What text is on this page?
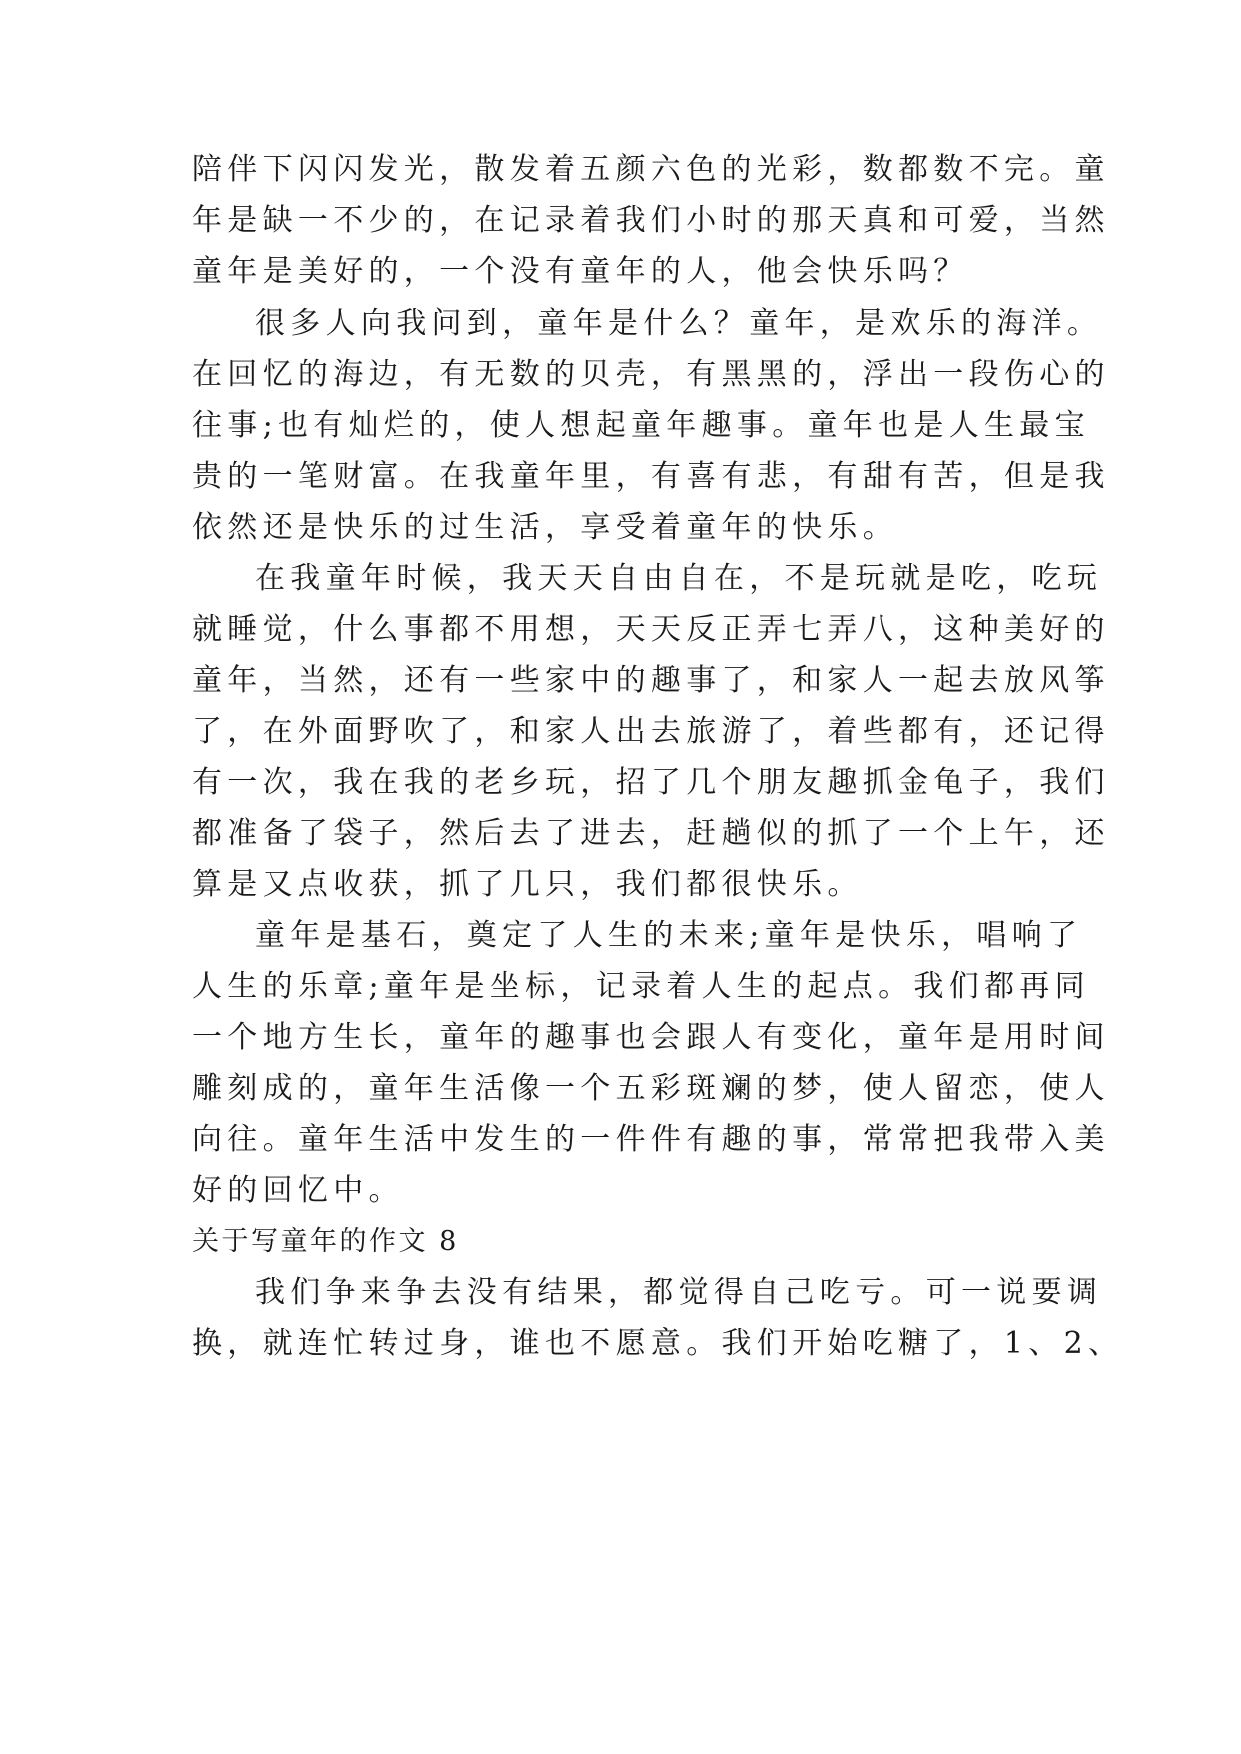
陪伴下闪闪发光，散发着五颜六色的光彩，数都数不完。童
年是缺一不少的，在记录着我们小时的那天真和可爱，当然
童年是美好的，一个没有童年的人，他会快乐吗？
很多人向我问到，童年是什么？童年，是欢乐的海洋。
在回忆的海边，有无数的贝壳，有黑黑的，浮出一段伤心的
往事;也有灿烂的，使人想起童年趣事。童年也是人生最宝
贵的一笔财富。在我童年里，有喜有悲，有甜有苦，但是我
依然还是快乐的过生活，享受着童年的快乐。
在我童年时候，我天天自由自在，不是玩就是吃，吃玩
就睡觉，什么事都不用想，天天反正弄七弄八，这种美好的
童年，当然，还有一些家中的趣事了，和家人一起去放风筝
了，在外面野吹了，和家人出去旅游了，着些都有，还记得
有一次，我在我的老乡玩，招了几个朋友趣抓金龟子，我们
都准备了袋子，然后去了进去，赶趟似的抓了一个上午，还
算是又点收获，抓了几只，我们都很快乐。
童年是基石，奠定了人生的未来;童年是快乐，唱响了
人生的乐章;童年是坐标，记录着人生的起点。我们都再同
一个地方生长，童年的趣事也会跟人有变化，童年是用时间
雕刻成的，童年生活像一个五彩斑斓的梦，使人留恋，使人
向往。童年生活中发生的一件件有趣的事，常常把我带入美
好的回忆中。
关于写童年的作文 8
我们争来争去没有结果，都觉得自己吃亏。可一说要调
换，就连忙转过身，谁也不愿意。我们开始吃糖了，1、2、
